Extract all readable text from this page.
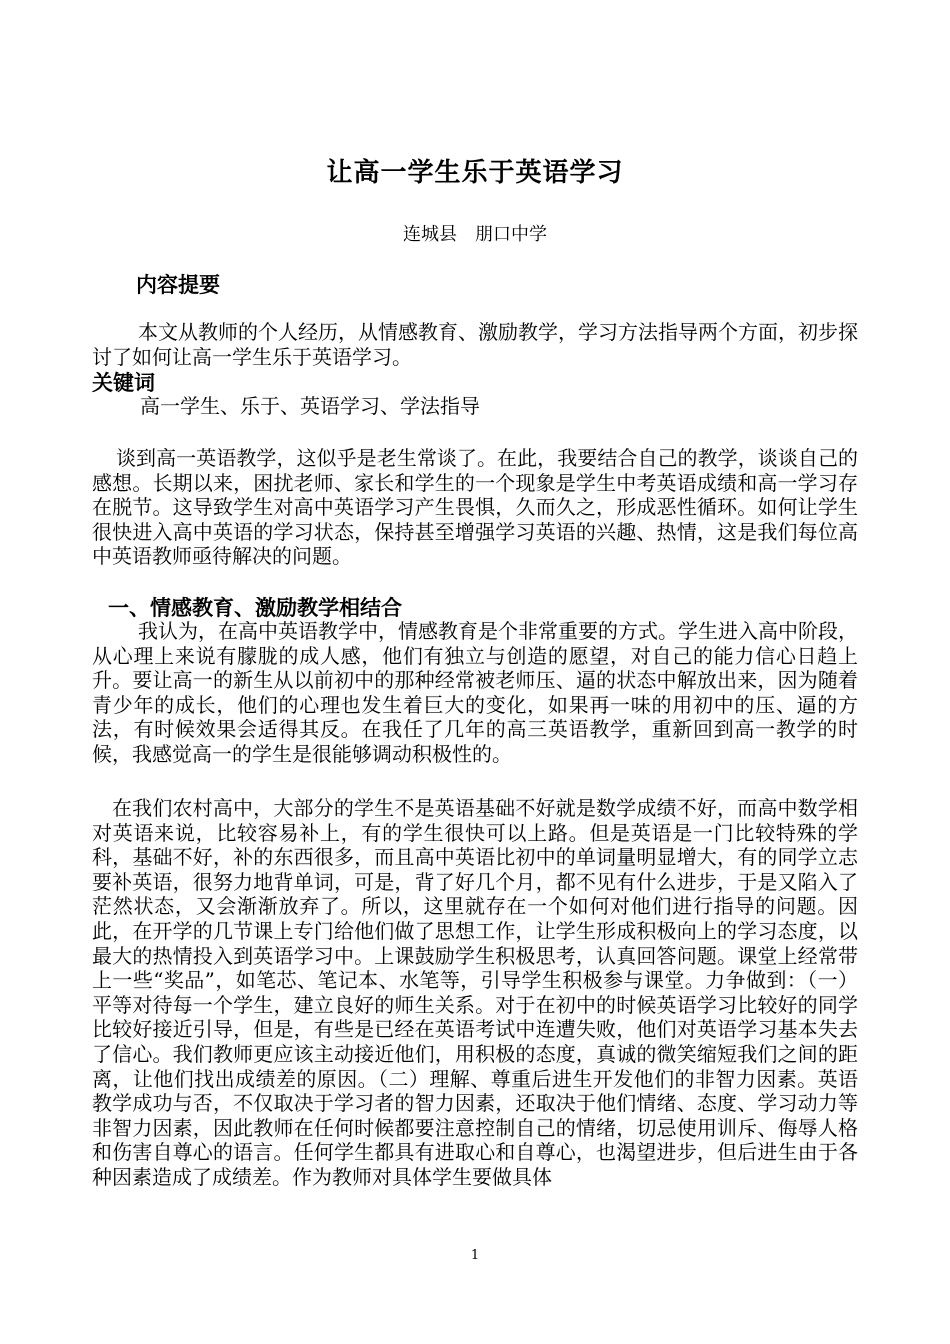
让高一学生乐于英语学习
连城县 朋口中学
内容提要

本文从教师的个人经历，从情感教育、激励教学，学习方法指导两个方面，初步探讨了如何让高一学生乐于英语学习。

关键词

高一学生、乐于、英语学习、学法指导

谈到高一英语教学，这似乎是老生常谈了。在此，我要结合自己的教学，谈谈自己的感想。长期以来，困扰老师、家长和学生的一个现象是学生中考英语成绩和高一学习存在脱节。这导致学生对高中英语学习产生畏惧，久而久之，形成恶性循环。如何让学生很快进入高中英语的学习状态，保持甚至增强学习英语的兴趣、热情，这是我们每位高中英语教师亟待解决的问题。

一、情感教育、激励教学相结合

我认为，在高中英语教学中，情感教育是个非常重要的方式。学生进入高中阶段，从心理上来说有朦胧的成人感，他们有独立与创造的愿望，对自己的能力信心日趋上升。要让高一的新生从以前初中的那种经常被老师压、逼的状态中解放出来，因为随着青少年的成长，他们的心理也发生着巨大的变化，如果再一味的用初中的压、逼的方法，有时候效果会适得其反。在我任了几年的高三英语教学，重新回到高一教学的时候，我感觉高一的学生是很能够调动积极性的。

在我们农村高中，大部分的学生不是英语基础不好就是数学成绩不好，而高中数学相对英语来说，比较容易补上，有的学生很快可以上路。但是英语是一门比较特殊的学科，基础不好，补的东西很多，而且高中英语比初中的单词量明显增大，有的同学立志要补英语，很努力地背单词，可是，背了好几个月，都不见有什么进步，于是又陷入了茫然状态，又会渐渐放弃了。所以，这里就存在一个如何对他们进行指导的问题。因此，在开学的几节课上专门给他们做了思想工作，让学生形成积极向上的学习态度，以最大的热情投入到英语学习中。上课鼓励学生积极思考，认真回答问题。课堂上经常带上一些“奖品”，如笔芯、笔记本、水笔等，引导学生积极参与课堂。力争做到：（一）平等对待每一个学生，建立良好的师生关系。对于在初中的时候英语学习比较好的同学比较好接近引导，但是，有些是已经在英语考试中连遭失败，他们对英语学习基本失去了信心。我们教师更应该主动接近他们，用积极的态度，真诚的微笑缩短我们之间的距离，让他们找出成绩差的原因。（二）理解、尊重后进生开发他们的非智力因素。英语教学成功与否，不仅取决于学习者的智力因素，还取决于他们情绪、态度、学习动力等非智力因素，因此教师在任何时候都要注意控制自己的情绪，切忌使用训斥、侮辱人格和伤害自尊心的语言。任何学生都具有进取心和自尊心，也渴望进步，但后进生由于各种因素造成了成绩差。作为教师对具体学生要做具体

1
